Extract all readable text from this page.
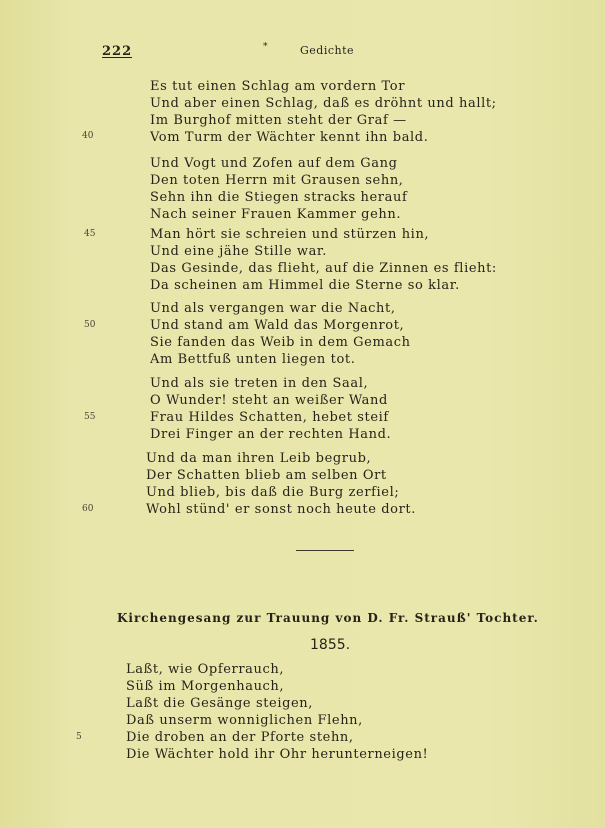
222	*	Gedichte
Es tut einen Schlag am vordern Tor
Und aber einen Schlag, daß es dröhnt und hallt;
Im Burghof mitten steht der Graf —
Vom Turm der Wächter kennt ihn bald.
40
Und Vogt und Zofen auf dem Gang
Den toten Herrn mit Grausen sehn,
Sehn ihn die Stiegen stracks herauf
Nach seiner Frauen Kammer gehn.
Man hört sie schreien und stürzen hin,
45
Und eine jähe Stille war.
Das Gesinde, das flieht, auf die Zinnen es flieht:
Da scheinen am Himmel die Sterne so klar.
Und als vergangen war die Nacht,
Und stand am Wald das Morgenrot,
50
Sie fanden das Weib in dem Gemach
Am Bettfuß unten liegen tot.
Und als sie treten in den Saal,
O Wunder! steht an weißer Wand
Frau Hildes Schatten, hebet steif
55
Drei Finger an der rechten Hand.
Und da man ihren Leib begrub,
Der Schatten blieb am selben Ort
Und blieb, bis daß die Burg zerfiel;
Wohl stünd' er sonst noch heute dort.
60
Kirchengesang zur Trauung von D. Fr. Strauß' Tochter.
1855.
Laßt, wie Opferrauch,
Süß im Morgenhauch,
Laßt die Gesänge steigen,
Daß unserm wonniglichen Flehn,
Die droben an der Pforte stehn,
5
Die Wächter hold ihr Ohr herunterneigen!
